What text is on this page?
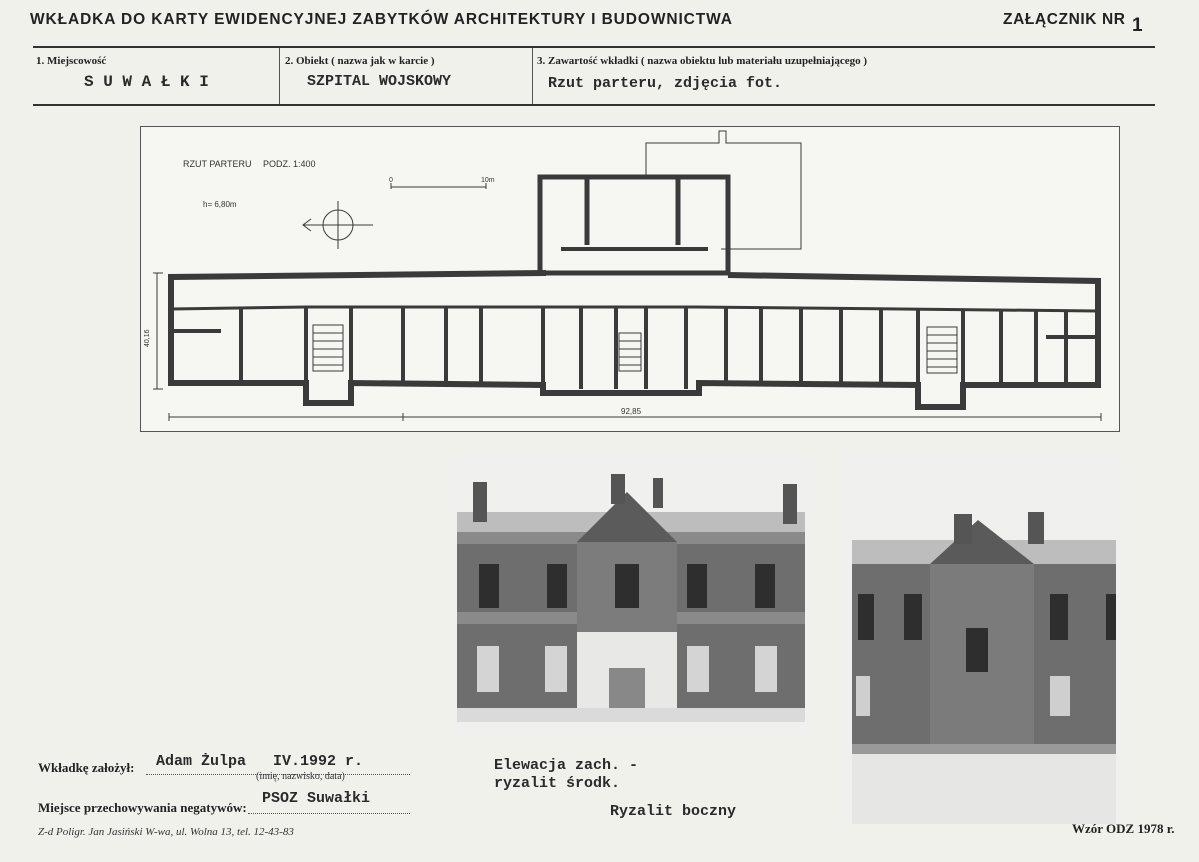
WKŁADKA DO KARTY EWIDENCYJNEJ ZABYTKÓW ARCHITEKTURY I BUDOWNICTWA	ZAŁĄCZNIK NR 1
1. Miejscowość
S U W A Ł K I
2. Obiekt ( nazwa jak w karcie )
SZPITAL WOJSKOWY
3. Zawartość wkładki ( nazwa obiektu lub materiału uzupełniającego )
Rzut parteru, zdjęcia fot.
RZUT PARTERU PODZ. 1:400
h= 6,80m
0	10m
92,85
40,16
Elewacja zach. -
ryzalit środk.
Ryzalit boczny
Wkładkę założył: Adam Żulpa   IV.1992 r.
(imię, nazwisko, data)
Miejsce przechowywania negatywów:
PSOZ Suwałki
Z-d Poligr. Jan Jasiński W-wa, ul. Wolna 13, tel. 12-43-83	Wzór ODZ 1978 r.
